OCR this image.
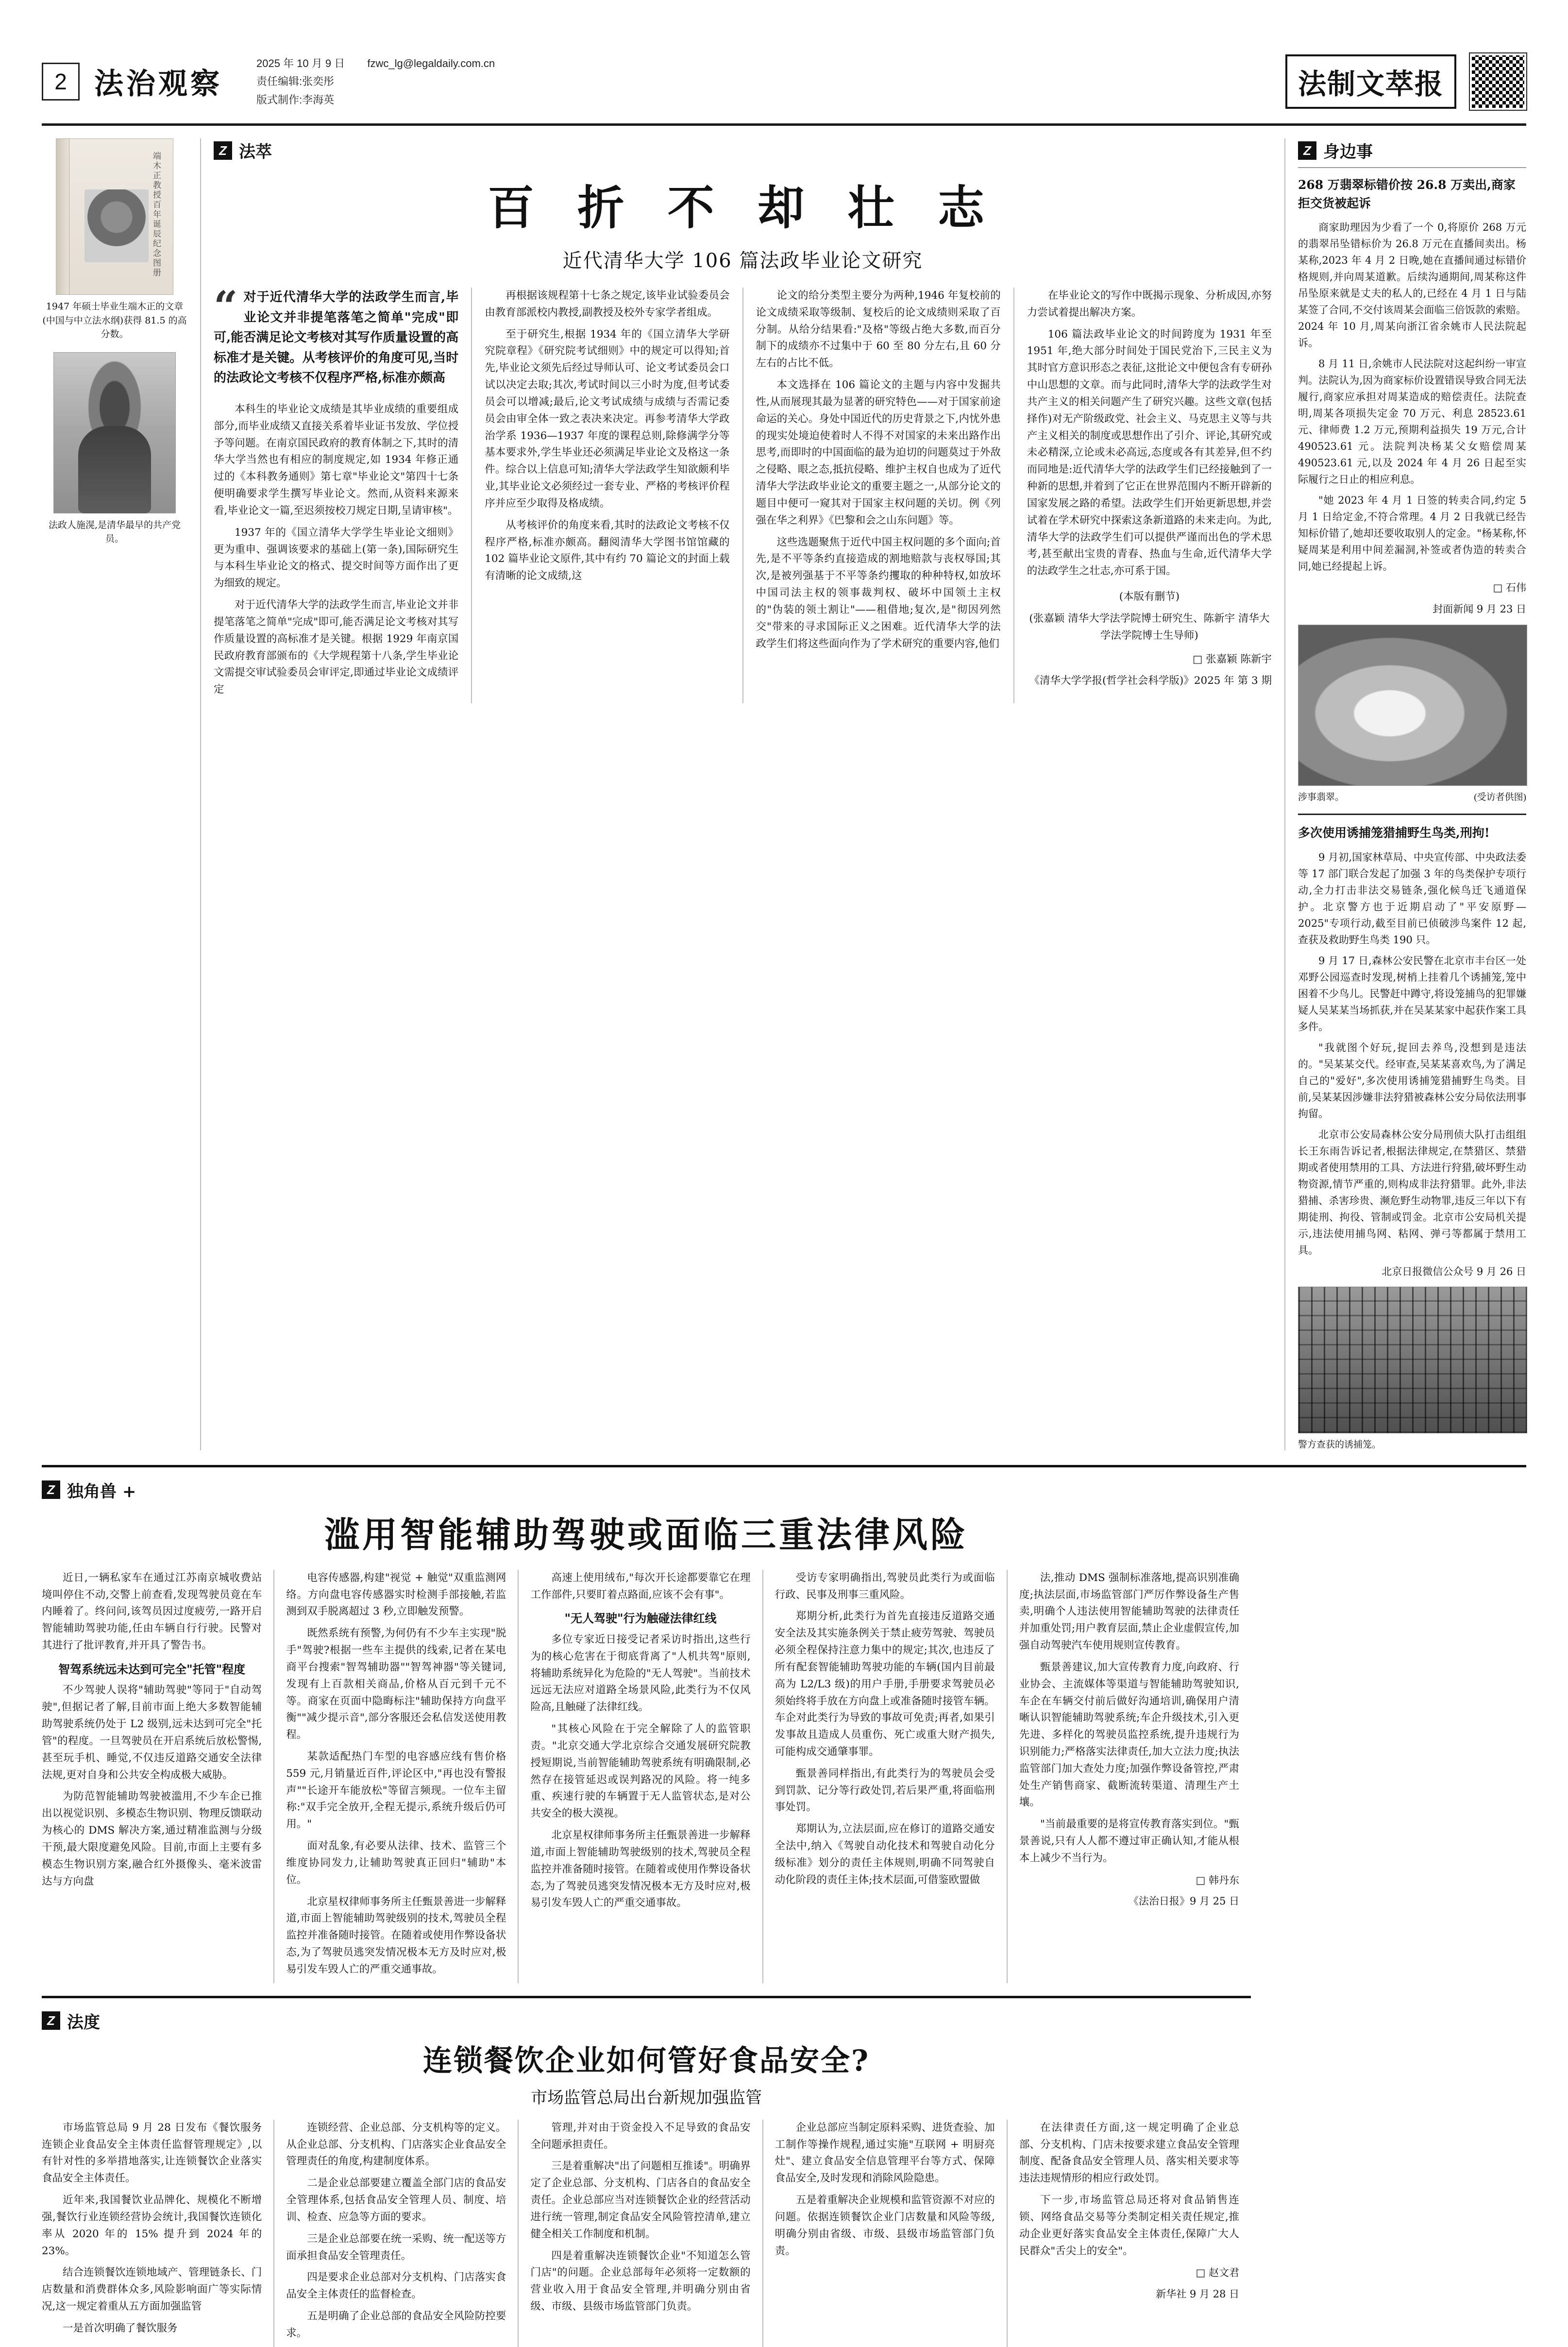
2 法治观察
2025 年 10 月 9 日 fzwc_lg@legaldaily.com.cn
责任编辑:张奕彤
版式制作:李海英	法制文萃报
端木正教授百年诞辰纪念图册
1947 年硕士毕业生端木正的文章(中国与中立法水纲)获得 81.5 的高分数。
法政人施滉,是清华最早的共产党员。
Z 法萃
百 折 不 却 壮 志
近代清华大学 106 篇法政毕业论文研究
“ 对于近代清华大学的法政学生而言,毕业论文并非提笔落笔之简单"完成"即可,能否满足论文考核对其写作质量设置的高标准才是关键。从考核评价的角度可见,当时的法政论文考核不仅程序严格,标准亦颇高

本科生的毕业论文成绩是其毕业成绩的重要组成部分,而毕业成绩又直接关系着毕业证书发放、学位授予等问题。在南京国民政府的教育体制之下,其时的清华大学当然也有相应的制度规定,如 1934 年修正通过的《本科教务通则》第七章"毕业论文"第四十七条便明确要求学生撰写毕业论文。然而,从资料来源来看,毕业论文一篇,至迟须按校刀规定日期,呈请审核"。

1937 年的《国立清华大学学生毕业论文细则》更为重申、强调该要求的基础上(第一条),国际研究生与本科生毕业论文的格式、提交时间等方面作出了更为细致的规定。

对于近代清华大学的法政学生而言,毕业论文并非提笔落笔之简单"完成"即可,能否满足论文考核对其写作质量设置的高标准才是关键。根据 1929 年南京国民政府教育部颁布的《大学规程第十八条,学生毕业论文需提交审试验委员会审评定,即通过毕业论文成绩评定

再根据该规程第十七条之规定,该毕业试验委员会由教育部派校内教授,副教授及校外专家学者组成。

至于研究生,根据 1934 年的《国立清华大学研究院章程》《研究院考试细则》中的规定可以得知;首先,毕业论文须先后经过导师认可、论文考试委员会口试以决定去取;其次,考试时间以三小时为度,但考试委员会可以增减;最后,论文考试成绩与成绩与否需记委员会由审全体一致之表决来决定。再参考清华大学政治学系 1936—1937 年度的课程总则,除修满学分等基本要求外,学生毕业还必须满足毕业论文及格这一条件。综合以上信息可知;清华大学法政学生知欲颇利毕业,其毕业论文必须经过一套专业、严格的考核评价程序并应至少取得及格成绩。

从考核评价的角度来看,其时的法政论文考核不仅程序严格,标准亦颇高。翻阅清华大学图书馆馆藏的 102 篇毕业论文原件,其中有约 70 篇论文的封面上载有清晰的论文成绩,这

论文的给分类型主要分为两种,1946 年复校前的论文成绩采取等级制、复校后的论文成绩则采取了百分制。从给分结果看:"及格"等级占绝大多数,而百分制下的成绩亦不过集中于 60 至 80 分左右,且 60 分左右的占比不低。

本文选择在 106 篇论文的主题与内容中发掘共性,从而展现其最为显著的研究特色——对于国家前途命运的关心。身处中国近代的历史背景之下,内忧外患的现实处境迫使着时人不得不对国家的未来出路作出思考,而即时的中国面临的最为迫切的问题莫过于外敌之侵略、眼之态,抵抗侵略、维护主权自也成为了近代清华大学法政毕业论文的重要主题之一,从部分论文的题目中便可一窥其对于国家主权问题的关切。例《列强在华之利界》《巴黎和会之山东问题》等。

这些选题聚焦于近代中国主权问题的多个面向;首先,是不平等条约直接造成的割地赔款与丧权辱国;其次,是被列强基于不平等条约攫取的种种特权,如放坏中国司法主权的领事裁判权、破坏中国领土主权的"伪装的领土割让"——租借地;复次,是"彻因列然交"带来的寻求国际正义之困难。近代清华大学的法政学生们将这些面向作为了学术研究的重要内容,他们

在毕业论文的写作中既揭示现象、分析成因,亦努力尝试着提出解决方案。

106 篇法政毕业论文的时间跨度为 1931 年至 1951 年,绝大部分时间处于国民党治下,三民主义为其时官方意识形态之表征,这批论文中便包含有专研孙中山思想的文章。而与此同时,清华大学的法政学生对共产主义的相关问题产生了研究兴趣。这些文章(包括择作)对无产阶级政党、社会主义、马克思主义等与共产主义相关的制度或思想作出了引介、评论,其研究或未必精深,立论或未必高远,态度或各有其差异,但不约而同地是:近代清华大学的法政学生们已经接触到了一种新的思想,并着到了它正在世界范围内不断开辟新的国家发展之路的希望。法政学生们开始更新思想,并尝试着在学术研究中探索这条新道路的未来走向。为此,清华大学的法政学生们可以提供严谨而出色的学术思考,甚至献出宝贵的青春、热血与生命,近代清华大学的法政学生之壮志,亦可系于国。

(本版有删节)

(张嘉颖 清华大学法学院博士研究生、陈新宇 清华大学法学院博士生导师)

□ 张嘉颖 陈新宇

《清华大学学报(哲学社会科学版)》2025 年 第 3 期

Z 身边事
268 万翡翠标错价按 26.8 万卖出,商家拒交货被起诉

商家助理因为少看了一个 0,将原价 268 万元的翡翠吊坠错标价为 26.8 万元在直播间卖出。杨某称,2023 年 4 月 2 日晚,她在直播间通过标错价格规则,并向周某道歉。后续沟通期间,周某称这件吊坠原来就是丈夫的私人的,已经在 4 月 1 日与陆某签了合同,不交付该周某会面临三倍饭款的索赔。2024 年 10 月,周某向浙江省余姚市人民法院起诉。

8 月 11 日,余姚市人民法院对这起纠纷一审宣判。法院认为,因为商家标价设置错误导致合同无法履行,商家应承担对周某造成的赔偿责任。法院查明,周某各项损失定金 70 万元、利息 28523.61 元、律师费 1.2 万元,预期利益损失 19 万元,合计 490523.61 元。法院判决杨某父女赔偿周某 490523.61 元,以及 2024 年 4 月 26 日起至实际履行之日止的相应利息。

"她 2023 年 4 月 1 日签的转卖合同,约定 5 月 1 日给定金,不符合常理。4 月 2 日我就已经告知标价错了,她却还要收取别人的定金。"杨某称,怀疑周某是利用中间差漏洞,补签或者伪造的转卖合同,她已经提起上诉。

□ 石伟
封面新闻 9 月 23 日
涉事翡翠。	(受访者供图)
多次使用诱捕笼猎捕野生鸟类,刑拘!

9 月初,国家林草局、中央宣传部、中央政法委等 17 部门联合发起了加强 3 年的鸟类保护专项行动,全力打击非法交易链条,强化候鸟迁飞通道保护。北京警方也于近期启动了"平安原野—2025"专项行动,截至目前已侦破涉鸟案件 12 起,查获及救助野生鸟类 190 只。

9 月 17 日,森林公安民警在北京市丰台区一处邓野公园巡查时发现,树梢上挂着几个诱捕笼,笼中困着不少鸟儿。民警赶中蹲守,将设笼捕鸟的犯罪嫌疑人吴某某当场抓获,并在吴某某家中起获作案工具多件。

"我就图个好玩,捉回去养鸟,没想到是违法的。"吴某某交代。经审查,吴某某喜欢鸟,为了满足自己的"爱好",多次使用诱捕笼猎捕野生鸟类。目前,吴某某因涉嫌非法狩猎被森林公安分局依法刑事拘留。

北京市公安局森林公安分局刑侦大队打击组组长王东雨告诉记者,根据法律规定,在禁猎区、禁猎期或者使用禁用的工具、方法进行狩猎,破坏野生动物资源,情节严重的,则构成非法狩猎罪。此外,非法猎捕、杀害珍贵、濒危野生动物罪,违反三年以下有期徒刑、拘役、管制或罚金。北京市公安局机关提示,违法使用捕鸟网、粘网、弹弓等都属于禁用工具。

北京日报微信公众号 9 月 26 日
警方查获的诱捕笼。
Z 独角兽 +
滥用智能辅助驾驶或面临三重法律风险

近日,一辆私家车在通过江苏南京城收费站境叫停住不动,交警上前查看,发现驾驶员竟在车内睡着了。终问问,该驾员因过度疲劳,一路开启智能辅助驾驶功能,任由车辆自行行驶。民警对其进行了批评教育,并开具了警告书。

智驾系统远未达到可完全"托管"程度

不少驾驶人误将"辅助驾驶"等同于"自动驾驶",但据记者了解,目前市面上绝大多数智能辅助驾驶系统仍处于 L2 级别,远未达到可完全"托管"的程度。一旦驾驶员在开启系统后放松警惕,甚至玩手机、睡觉,不仅违反道路交通安全法律法规,更对自身和公共安全构成极大威胁。

为防范智能辅助驾驶被滥用,不少车企已推出以视觉识别、多模态生物识别、物理反馈联动为核心的 DMS 解决方案,通过精准监测与分级干预,最大限度避免风险。目前,市面上主要有多模态生物识别方案,融合红外摄像头、毫米波雷达与方向盘

电容传感器,构建"视觉 + 触觉"双重监测网络。方向盘电容传感器实时检测手部接触,若监测到双手脱离超过 3 秒,立即触发预警。

既然系统有预警,为何仍有不少车主实现"脱手"驾驶?根据一些车主提供的线索,记者在某电商平台搜索"智驾辅助器""智驾神器"等关键词,发现有上百款相关商品,价格从百元到千元不等。商家在页面中隐晦标注"辅助保持方向盘平衡""减少提示音",部分客服还会私信发送使用教程。

某款适配热门车型的电容感应线有售价格 559 元,月销量近百件,评论区中,"再也没有警报声""长途开车能放松"等留言频现。一位车主留称:"双手完全放开,全程无提示,系统升级后仍可用。"

面对乱象,有必要从法律、技术、监管三个维度协同发力,让辅助驾驶真正回归"辅助"本位。

北京星权律师事务所主任甄景善进一步解释道,市面上智能辅助驾驶级别的技术,驾驶员全程监控并准备随时接管。在随着或使用作弊设备状态,为了驾驶员逃突发情况极本无方及时应对,极易引发车毁人亡的严重交通事故。

高速上使用绒布,"每次开长途都要靠它在理工作部件,只要盯着点路面,应该不会有事"。

"无人驾驶"行为触碰法律红线

多位专家近日接受记者采访时指出,这些行为的核心危害在于彻底背离了"人机共驾"原则,将辅助系统异化为危险的"无人驾驶"。当前技术远远无法应对道路全场景风险,此类行为不仅风险高,且触碰了法律红线。

"其核心风险在于完全解除了人的监管职责。"北京交通大学北京综合交通发展研究院教授短期说,当前智能辅助驾驶系统有明确限制,必然存在接管延迟或误判路况的风险。将一纯多重、疾速行驶的车辆置于无人监管状态,是对公共安全的极大漠视。

北京星权律师事务所主任甄景善进一步解释道,市面上智能辅助驾驶级别的技术,驾驶员全程监控并准备随时接管。在随着或使用作弊设备状态,为了驾驶员逃突发情况极本无方及时应对,极易引发车毁人亡的严重交通事故。

受访专家明确指出,驾驶员此类行为或面临行政、民事及刑事三重风险。

郑期分析,此类行为首先直接违反道路交通安全法及其实施条例关于禁止疲劳驾驶、驾驶员必须全程保持注意力集中的规定;其次,也违反了所有配套智能辅助驾驶功能的车辆(国内目前最高为 L2/L3 级)的用户手册,手册要求驾驶员必须始终将手放在方向盘上或准备随时接管车辆。车企对此类行为导致的事故可免责;再者,如果引发事故且造成人员重伤、死亡或重大财产损失,可能构成交通肇事罪。

甄景善同样指出,有此类行为的驾驶员会受到罚款、记分等行政处罚,若后果严重,将面临刑事处罚。

郑期认为,立法层面,应在修订的道路交通安全法中,纳入《驾驶自动化技术和驾驶自动化分级标准》划分的责任主体规则,明确不同驾驶自动化阶段的责任主体;技术层面,可借鉴欧盟做

法,推动 DMS 强制标准落地,提高识别准确度;执法层面,市场监管部门严厉作弊设备生产售卖,明确个人违法使用智能辅助驾驶的法律责任并加重处罚;用户教育层面,禁止企业虚假宣传,加强自动驾驶汽车使用规则宣传教育。

甄景善建议,加大宣传教育力度,向政府、行业协会、主流媒体等渠道与智能辅助驾驶知识,车企在车辆交付前后做好沟通培训,确保用户清晰认识智能辅助驾驶系统;车企升级技术,引入更先进、多样化的驾驶员监控系统,提升违规行为识别能力;严格落实法律责任,加大立法力度;执法监管部门加大查处力度;加强作弊设备管控,严肃处生产销售商家、截断流转渠道、清理生产土壤。

"当前最重要的是将宣传教育落实到位。"甄景善说,只有人人都不遵过审正确认知,才能从根本上减少不当行为。

□ 韩丹东
《法治日报》9 月 25 日
Z 法度
连锁餐饮企业如何管好食品安全?
市场监管总局出台新规加强监管

市场监管总局 9 月 28 日发布《餐饮服务连锁企业食品安全主体责任监督管理规定》,以有针对性的多举措地落实,让连锁餐饮企业落实食品安全主体责任。

近年来,我国餐饮业品牌化、规模化不断增强,餐饮行业连锁经营协会统计,我国餐饮连锁化率从 2020 年的 15% 提升到 2024 年的 23%。

结合连锁餐饮连锁地域产、管理链条长、门店数量和消费群体众多,风险影响面广等实际情况,这一规定着重从五方面加强监管

一是首次明确了餐饮服务

连锁经营、企业总部、分支机构等的定义。从企业总部、分支机构、门店落实企业食品安全管理责任的角度,构建制度体系。

二是企业总部要建立覆盖全部门店的食品安全管理体系,包括食品安全管理人员、制度、培训、检查、应急等方面的要求。

三是企业总部要在统一采购、统一配送等方面承担食品安全管理责任。

四是要求企业总部对分支机构、门店落实食品安全主体责任的监督检查。

五是明确了企业总部的食品安全风险防控要求。

管理,并对由于资金投入不足导致的食品安全问题承担责任。

三是着重解决"出了问题相互推诿"。明确界定了企业总部、分支机构、门店各自的食品安全责任。企业总部应当对连锁餐饮企业的经营活动进行统一管理,制定食品安全风险管控清单,建立健全相关工作制度和机制。

四是着重解决连锁餐饮企业"不知道怎么管门店"的问题。企业总部每年必须将一定数额的营业收入用于食品安全管理,并明确分别由省级、市级、县级市场监管部门负责。

企业总部应当制定原料采购、进货查验、加工制作等操作规程,通过实施"互联网 + 明厨亮灶"、建立食品安全信息管理平台等方式、保障食品安全,及时发现和消除风险隐患。

五是着重解决企业规模和监管资源不对应的问题。依据连锁餐饮企业门店数量和风险等级,明确分别由省级、市级、县级市场监管部门负责。

在法律责任方面,这一规定明确了企业总部、分支机构、门店未按要求建立食品安全管理制度、配备食品安全管理人员、落实相关要求等违法违规情形的相应行政处罚。

下一步,市场监管总局还将对食品销售连锁、网络食品交易等分类制定相关责任规定,推动企业更好落实食品安全主体责任,保障广大人民群众"舌尖上的安全"。

□ 赵文君
新华社 9 月 28 日
